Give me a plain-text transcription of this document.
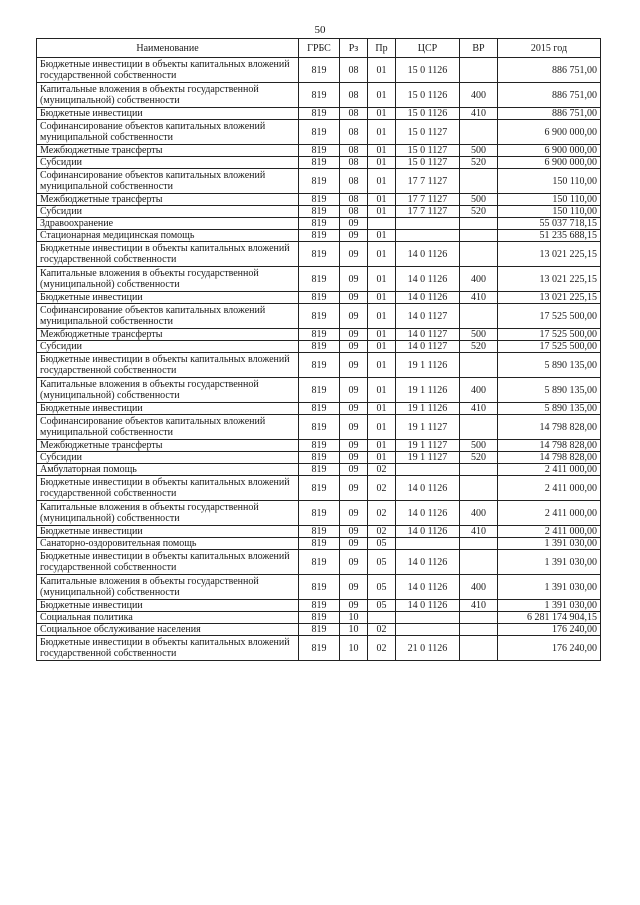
50
Наименование	ГРБС	Рз	Пр	ЦСР	ВР	2015 год
Бюджетные инвестиции в объекты капитальных вложений государственной собственности	819	08	01	15 0 1126		886 751,00
Капитальные вложения в объекты государственной (муниципальной) собственности	819	08	01	15 0 1126	400	886 751,00
Бюджетные инвестиции	819	08	01	15 0 1126	410	886 751,00
Софинансирование объектов капитальных вложений муниципальной собственности	819	08	01	15 0 1127		6 900 000,00
Межбюджетные трансферты	819	08	01	15 0 1127	500	6 900 000,00
Субсидии	819	08	01	15 0 1127	520	6 900 000,00
Софинансирование объектов капитальных вложений муниципальной собственности	819	08	01	17 7 1127		150 110,00
Межбюджетные трансферты	819	08	01	17 7 1127	500	150 110,00
Субсидии	819	08	01	17 7 1127	520	150 110,00
Здравоохранение	819	09				55 037 718,15
Стационарная медицинская помощь	819	09	01			51 235 688,15
Бюджетные инвестиции в объекты капитальных вложений государственной собственности	819	09	01	14 0 1126		13 021 225,15
Капитальные вложения в объекты государственной (муниципальной) собственности	819	09	01	14 0 1126	400	13 021 225,15
Бюджетные инвестиции	819	09	01	14 0 1126	410	13 021 225,15
Софинансирование объектов капитальных вложений муниципальной собственности	819	09	01	14 0 1127		17 525 500,00
Межбюджетные трансферты	819	09	01	14 0 1127	500	17 525 500,00
Субсидии	819	09	01	14 0 1127	520	17 525 500,00
Бюджетные инвестиции в объекты капитальных вложений государственной собственности	819	09	01	19 1 1126		5 890 135,00
Капитальные вложения в объекты государственной (муниципальной) собственности	819	09	01	19 1 1126	400	5 890 135,00
Бюджетные инвестиции	819	09	01	19 1 1126	410	5 890 135,00
Софинансирование объектов капитальных вложений муниципальной собственности	819	09	01	19 1 1127		14 798 828,00
Межбюджетные трансферты	819	09	01	19 1 1127	500	14 798 828,00
Субсидии	819	09	01	19 1 1127	520	14 798 828,00
Амбулаторная помощь	819	09	02			2 411 000,00
Бюджетные инвестиции в объекты капитальных вложений государственной собственности	819	09	02	14 0 1126		2 411 000,00
Капитальные вложения в объекты государственной (муниципальной) собственности	819	09	02	14 0 1126	400	2 411 000,00
Бюджетные инвестиции	819	09	02	14 0 1126	410	2 411 000,00
Санаторно-оздоровительная помощь	819	09	05			1 391 030,00
Бюджетные инвестиции в объекты капитальных вложений государственной собственности	819	09	05	14 0 1126		1 391 030,00
Капитальные вложения в объекты государственной (муниципальной) собственности	819	09	05	14 0 1126	400	1 391 030,00
Бюджетные инвестиции	819	09	05	14 0 1126	410	1 391 030,00
Социальная политика	819	10				6 281 174 904,15
Социальное обслуживание населения	819	10	02			176 240,00
Бюджетные инвестиции в объекты капитальных вложений государственной собственности	819	10	02	21 0 1126		176 240,00
